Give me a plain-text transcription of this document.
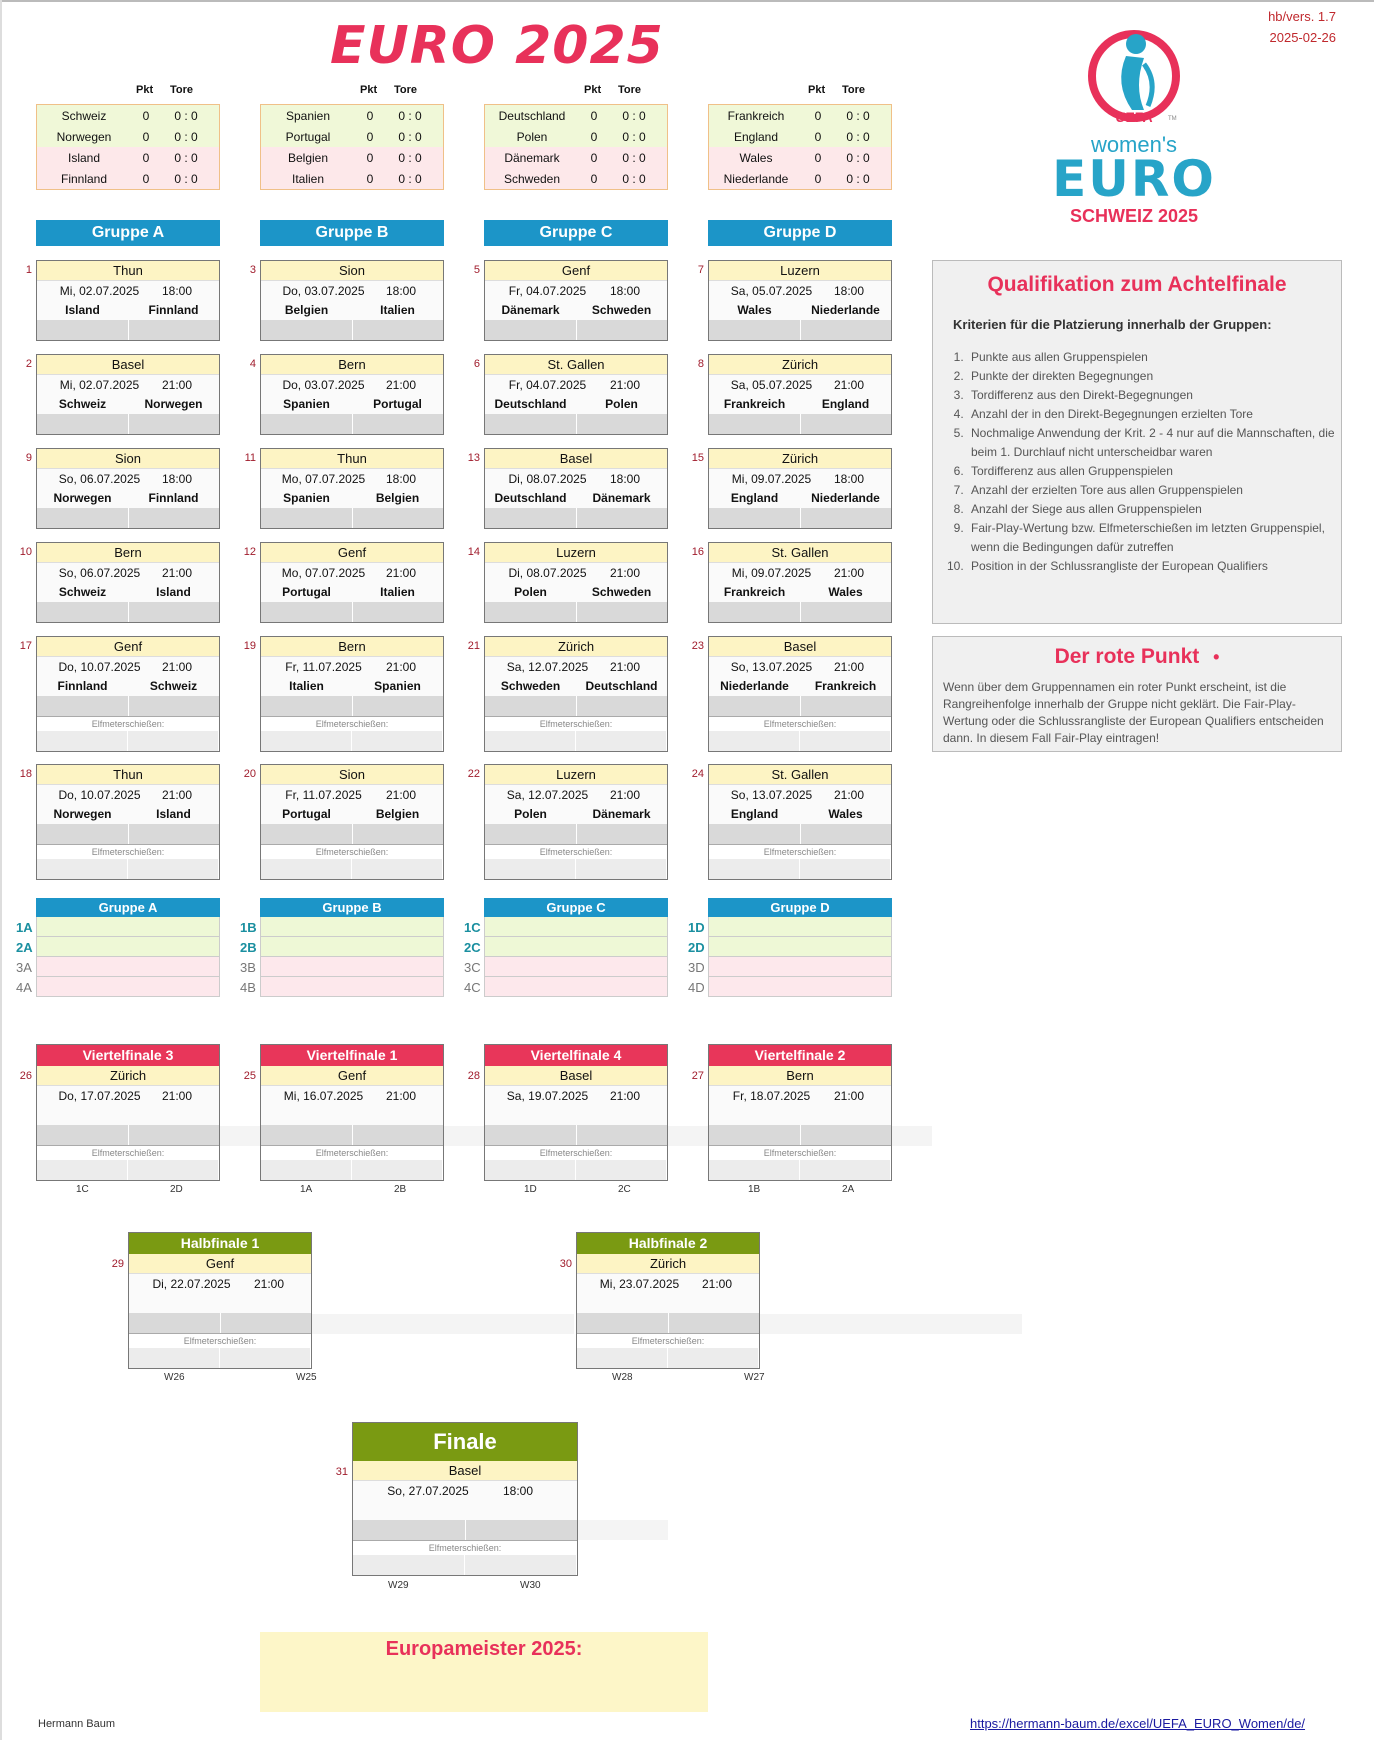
EURO 2025	hb/vers. 1.7
2025-02-26
UEFA	TM
women's
EURO
SCHWEIZ 2025
Pkt Tore
Schweiz	0	0 : 0
Norwegen	0	0 : 0
Island	0	0 : 0
Finnland	0	0 : 0
Pkt Tore
Spanien	0	0 : 0
Portugal	0	0 : 0
Belgien	0	0 : 0
Italien	0	0 : 0
Pkt Tore
Deutschland	0	0 : 0
Polen	0	0 : 0
Dänemark	0	0 : 0
Schweden	0	0 : 0
Pkt Tore
Frankreich	0	0 : 0
England	0	0 : 0
Wales	0	0 : 0
Niederlande	0	0 : 0
Gruppe A
1	Thun
Mi, 02.07.2025	18:00
Island	Finnland
2	Basel
Mi, 02.07.2025	21:00
Schweiz	Norwegen
9	Sion
So, 06.07.2025	18:00
Norwegen	Finnland
10	Bern
So, 06.07.2025	21:00
Schweiz	Island
17	Genf
Do, 10.07.2025	21:00
Finnland	Schweiz
Elfmeterschießen:
18	Thun
Do, 10.07.2025	21:00
Norwegen	Island
Elfmeterschießen:
Gruppe B
3	Sion
Do, 03.07.2025	18:00
Belgien	Italien
4	Bern
Do, 03.07.2025	21:00
Spanien	Portugal
11	Thun
Mo, 07.07.2025	18:00
Spanien	Belgien
12	Genf
Mo, 07.07.2025	21:00
Portugal	Italien
19	Bern
Fr, 11.07.2025	21:00
Italien	Spanien
Elfmeterschießen:
20	Sion
Fr, 11.07.2025	21:00
Portugal	Belgien
Elfmeterschießen:
Gruppe C
5	Genf
Fr, 04.07.2025	18:00
Dänemark	Schweden
6	St. Gallen
Fr, 04.07.2025	21:00
Deutschland	Polen
13	Basel
Di, 08.07.2025	18:00
Deutschland	Dänemark
14	Luzern
Di, 08.07.2025	21:00
Polen	Schweden
21	Zürich
Sa, 12.07.2025	21:00
Schweden	Deutschland
Elfmeterschießen:
22	Luzern
Sa, 12.07.2025	21:00
Polen	Dänemark
Elfmeterschießen:
Gruppe D
7	Luzern
Sa, 05.07.2025	18:00
Wales	Niederlande
8	Zürich
Sa, 05.07.2025	21:00
Frankreich	England
15	Zürich
Mi, 09.07.2025	18:00
England	Niederlande
16	St. Gallen
Mi, 09.07.2025	21:00
Frankreich	Wales
23	Basel
So, 13.07.2025	21:00
Niederlande	Frankreich
Elfmeterschießen:
24	St. Gallen
So, 13.07.2025	21:00
England	Wales
Elfmeterschießen:
1A
2A
3A
4A
Gruppe A
1B
2B
3B
4B
Gruppe B
1C
2C
3C
4C
Gruppe C
1D
2D
3D
4D
Gruppe D
26
Viertelfinale 3
Zürich
Do, 17.07.2025	21:00
Elfmeterschießen:
1C	2D
25
Viertelfinale 1
Genf
Mi, 16.07.2025	21:00
Elfmeterschießen:
1A	2B
28
Viertelfinale 4
Basel
Sa, 19.07.2025	21:00
Elfmeterschießen:
1D	2C
27
Viertelfinale 2
Bern
Fr, 18.07.2025	21:00
Elfmeterschießen:
1B	2A
29
Halbfinale 1
Genf
Di, 22.07.2025	21:00
Elfmeterschießen:
W26	W25
30
Halbfinale 2
Zürich
Mi, 23.07.2025	21:00
Elfmeterschießen:
W28	W27
31
Finale
Basel
So, 27.07.2025	18:00
Elfmeterschießen:
W29	W30
Qualifikation zum Achtelfinale
Kriterien für die Platzierung innerhalb der Gruppen:
1. Punkte aus allen Gruppenspielen
2. Punkte der direkten Begegnungen
3. Tordifferenz aus den Direkt-Begegnungen
4. Anzahl der in den Direkt-Begegnungen erzielten Tore
5. Nochmalige Anwendung der Krit. 2 - 4 nur auf die Mannschaften, die beim 1. Durchlauf nicht unterscheidbar waren
6. Tordifferenz aus allen Gruppenspielen
7. Anzahl der erzielten Tore aus allen Gruppenspielen
8. Anzahl der Siege aus allen Gruppenspielen
9. Fair-Play-Wertung bzw. Elfmeterschießen im letzten Gruppenspiel, wenn die Bedingungen dafür zutreffen
10. Position in der Schlussrangliste der European Qualifiers
Der rote Punkt •

Wenn über dem Gruppennamen ein roter Punkt erscheint, ist die Rangreihenfolge innerhalb der Gruppe nicht geklärt. Die Fair-Play-Wertung oder die Schlussrangliste der European Qualifiers entscheiden dann. In diesem Fall Fair-Play eintragen!

Europameister 2025:
Hermann Baum	https://hermann-baum.de/excel/UEFA_EURO_Women/de/
